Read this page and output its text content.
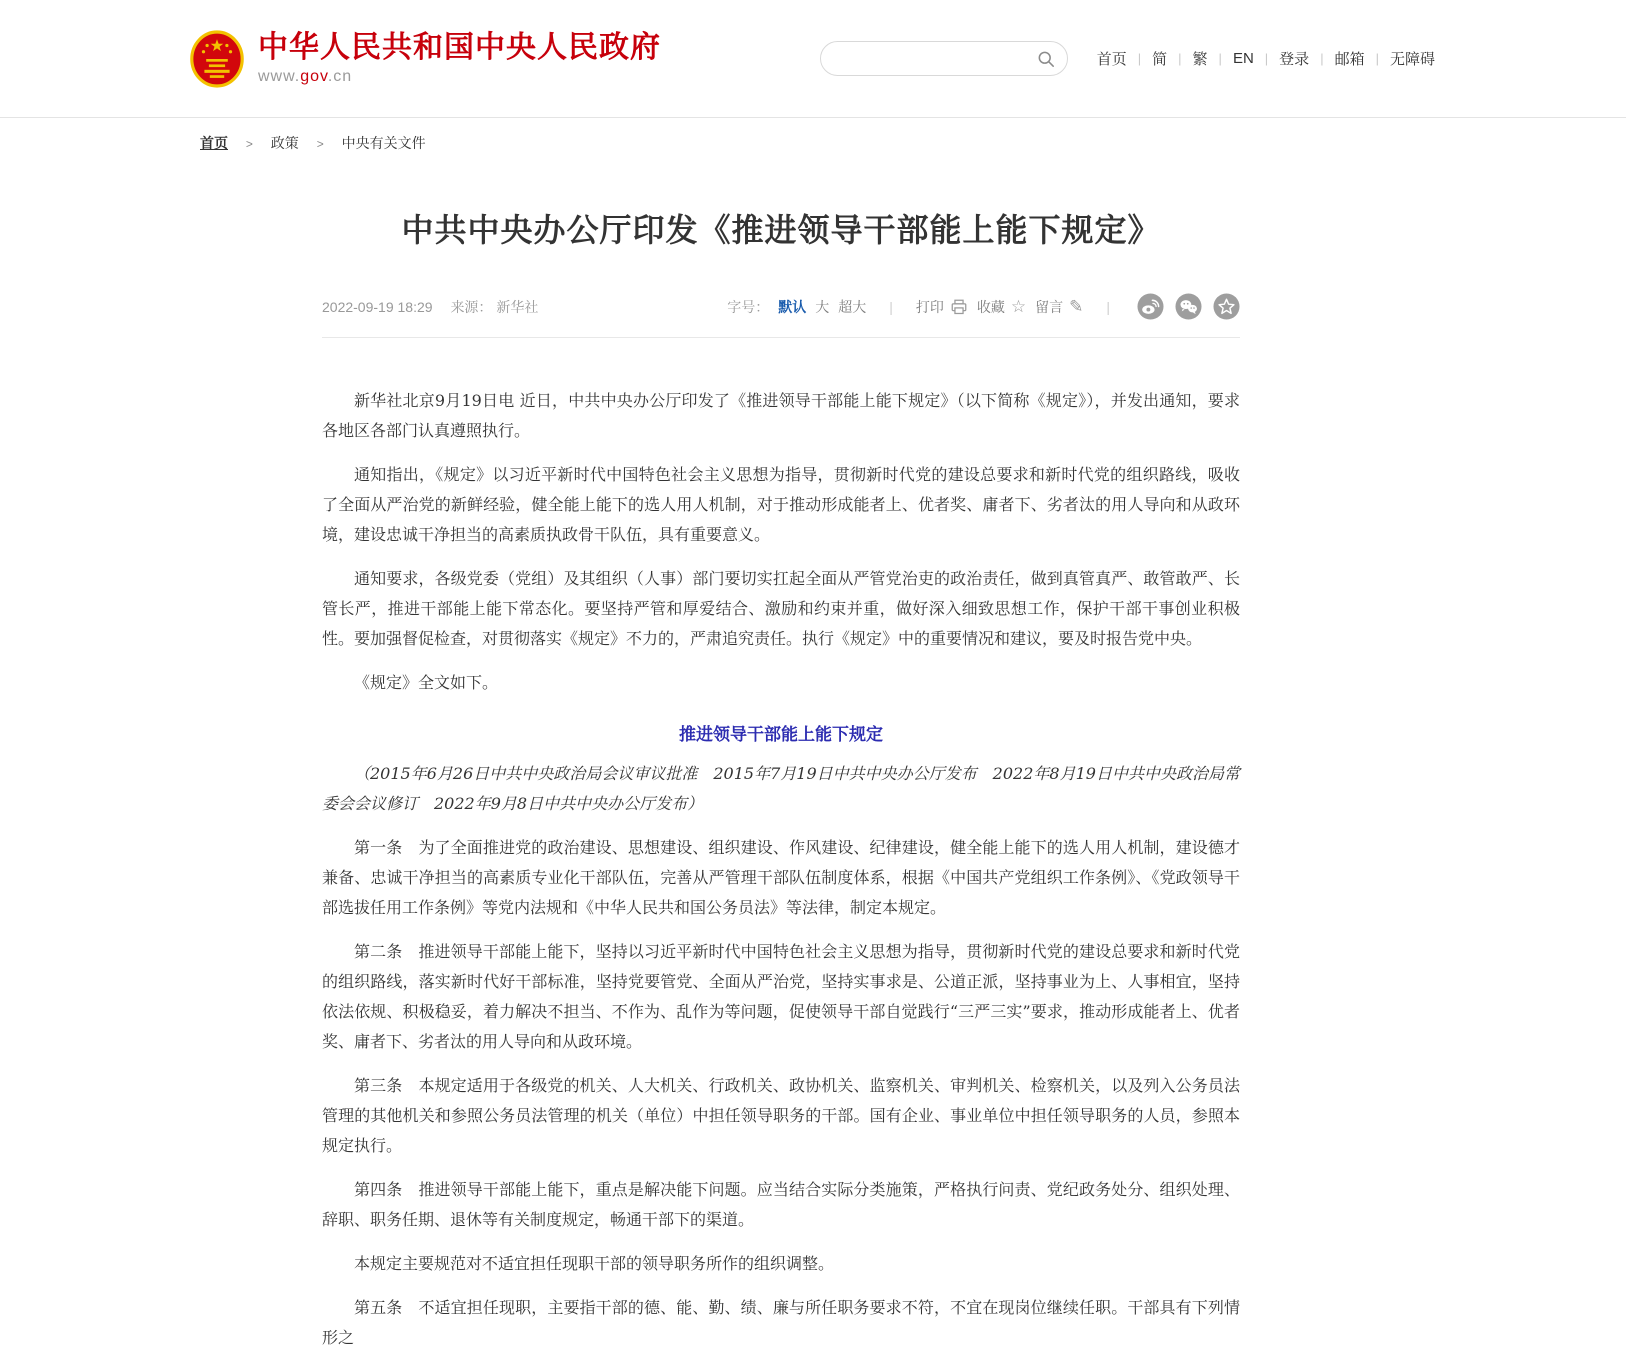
中华人民共和国中央人民政府
www.gov.cn
首页 | 简 | 繁 | EN | 登录 | 邮箱 | 无障碍
首页 > 政策 > 中央有关文件
中共中央办公厅印发《推进领导干部能上能下规定》
2022-09-19 18:29 来源： 新华社	字号： 默认 大 超大	|	打印 收藏 ☆ 留言 ✎	|

新华社北京9月19日电 近日，中共中央办公厅印发了《推进领导干部能上能下规定》（以下简称《规定》），并发出通知，要求各地区各部门认真遵照执行。

通知指出，《规定》以习近平新时代中国特色社会主义思想为指导，贯彻新时代党的建设总要求和新时代党的组织路线，吸收了全面从严治党的新鲜经验，健全能上能下的选人用人机制，对于推动形成能者上、优者奖、庸者下、劣者汰的用人导向和从政环境，建设忠诚干净担当的高素质执政骨干队伍，具有重要意义。

通知要求，各级党委（党组）及其组织（人事）部门要切实扛起全面从严管党治吏的政治责任，做到真管真严、敢管敢严、长管长严，推进干部能上能下常态化。要坚持严管和厚爱结合、激励和约束并重，做好深入细致思想工作，保护干部干事创业积极性。要加强督促检查，对贯彻落实《规定》不力的，严肃追究责任。执行《规定》中的重要情况和建议，要及时报告党中央。

《规定》全文如下。

推进领导干部能上能下规定

（2015年6月26日中共中央政治局会议审议批准　2015年7月19日中共中央办公厅发布　2022年8月19日中共中央政治局常委会会议修订　2022年9月8日中共中央办公厅发布）

第一条　为了全面推进党的政治建设、思想建设、组织建设、作风建设、纪律建设，健全能上能下的选人用人机制，建设德才兼备、忠诚干净担当的高素质专业化干部队伍，完善从严管理干部队伍制度体系，根据《中国共产党组织工作条例》、《党政领导干部选拔任用工作条例》等党内法规和《中华人民共和国公务员法》等法律，制定本规定。

第二条　推进领导干部能上能下，坚持以习近平新时代中国特色社会主义思想为指导，贯彻新时代党的建设总要求和新时代党的组织路线，落实新时代好干部标准，坚持党要管党、全面从严治党，坚持实事求是、公道正派，坚持事业为上、人事相宜，坚持依法依规、积极稳妥，着力解决不担当、不作为、乱作为等问题，促使领导干部自觉践行“三严三实”要求，推动形成能者上、优者奖、庸者下、劣者汰的用人导向和从政环境。

第三条　本规定适用于各级党的机关、人大机关、行政机关、政协机关、监察机关、审判机关、检察机关，以及列入公务员法管理的其他机关和参照公务员法管理的机关（单位）中担任领导职务的干部。国有企业、事业单位中担任领导职务的人员，参照本规定执行。

第四条　推进领导干部能上能下，重点是解决能下问题。应当结合实际分类施策，严格执行问责、党纪政务处分、组织处理、辞职、职务任期、退休等有关制度规定，畅通干部下的渠道。

本规定主要规范对不适宜担任现职干部的领导职务所作的组织调整。

第五条　不适宜担任现职，主要指干部的德、能、勤、绩、廉与所任职务要求不符，不宜在现岗位继续任职。干部具有下列情形之
